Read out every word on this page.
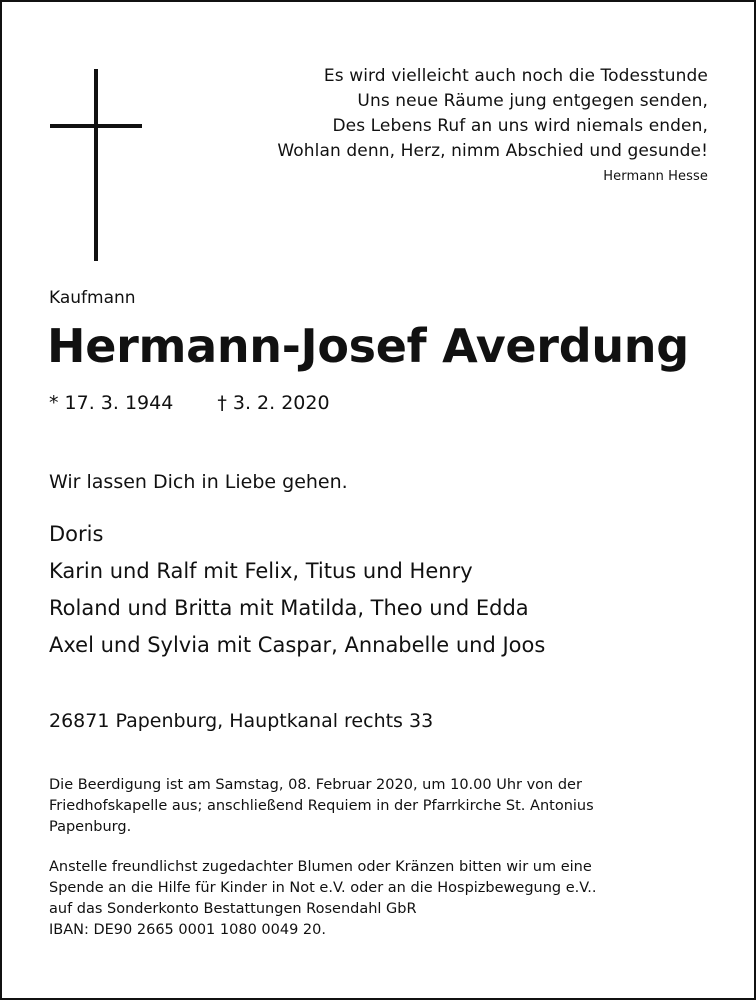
Es wird vielleicht auch noch die Todesstunde
Uns neue Räume jung entgegen senden,
Des Lebens Ruf an uns wird niemals enden,
Wohlan denn, Herz, nimm Abschied und gesunde!
Hermann Hesse
Kaufmann
Hermann-Josef Averdung
* 17. 3. 1944 † 3. 2. 2020
Wir lassen Dich in Liebe gehen.
Doris
Karin und Ralf mit Felix, Titus und Henry
Roland und Britta mit Matilda, Theo und Edda
Axel und Sylvia mit Caspar, Annabelle und Joos
26871 Papenburg, Hauptkanal rechts 33
Die Beerdigung ist am Samstag, 08. Februar 2020, um 10.00 Uhr von der
Friedhofskapelle aus; anschließend Requiem in der Pfarrkirche St. Antonius
Papenburg.
Anstelle freundlichst zugedachter Blumen oder Kränzen bitten wir um eine
Spende an die Hilfe für Kinder in Not e.V. oder an die Hospizbewegung e.V..
auf das Sonderkonto Bestattungen Rosendahl GbR
IBAN: DE90 2665 0001 1080 0049 20.
